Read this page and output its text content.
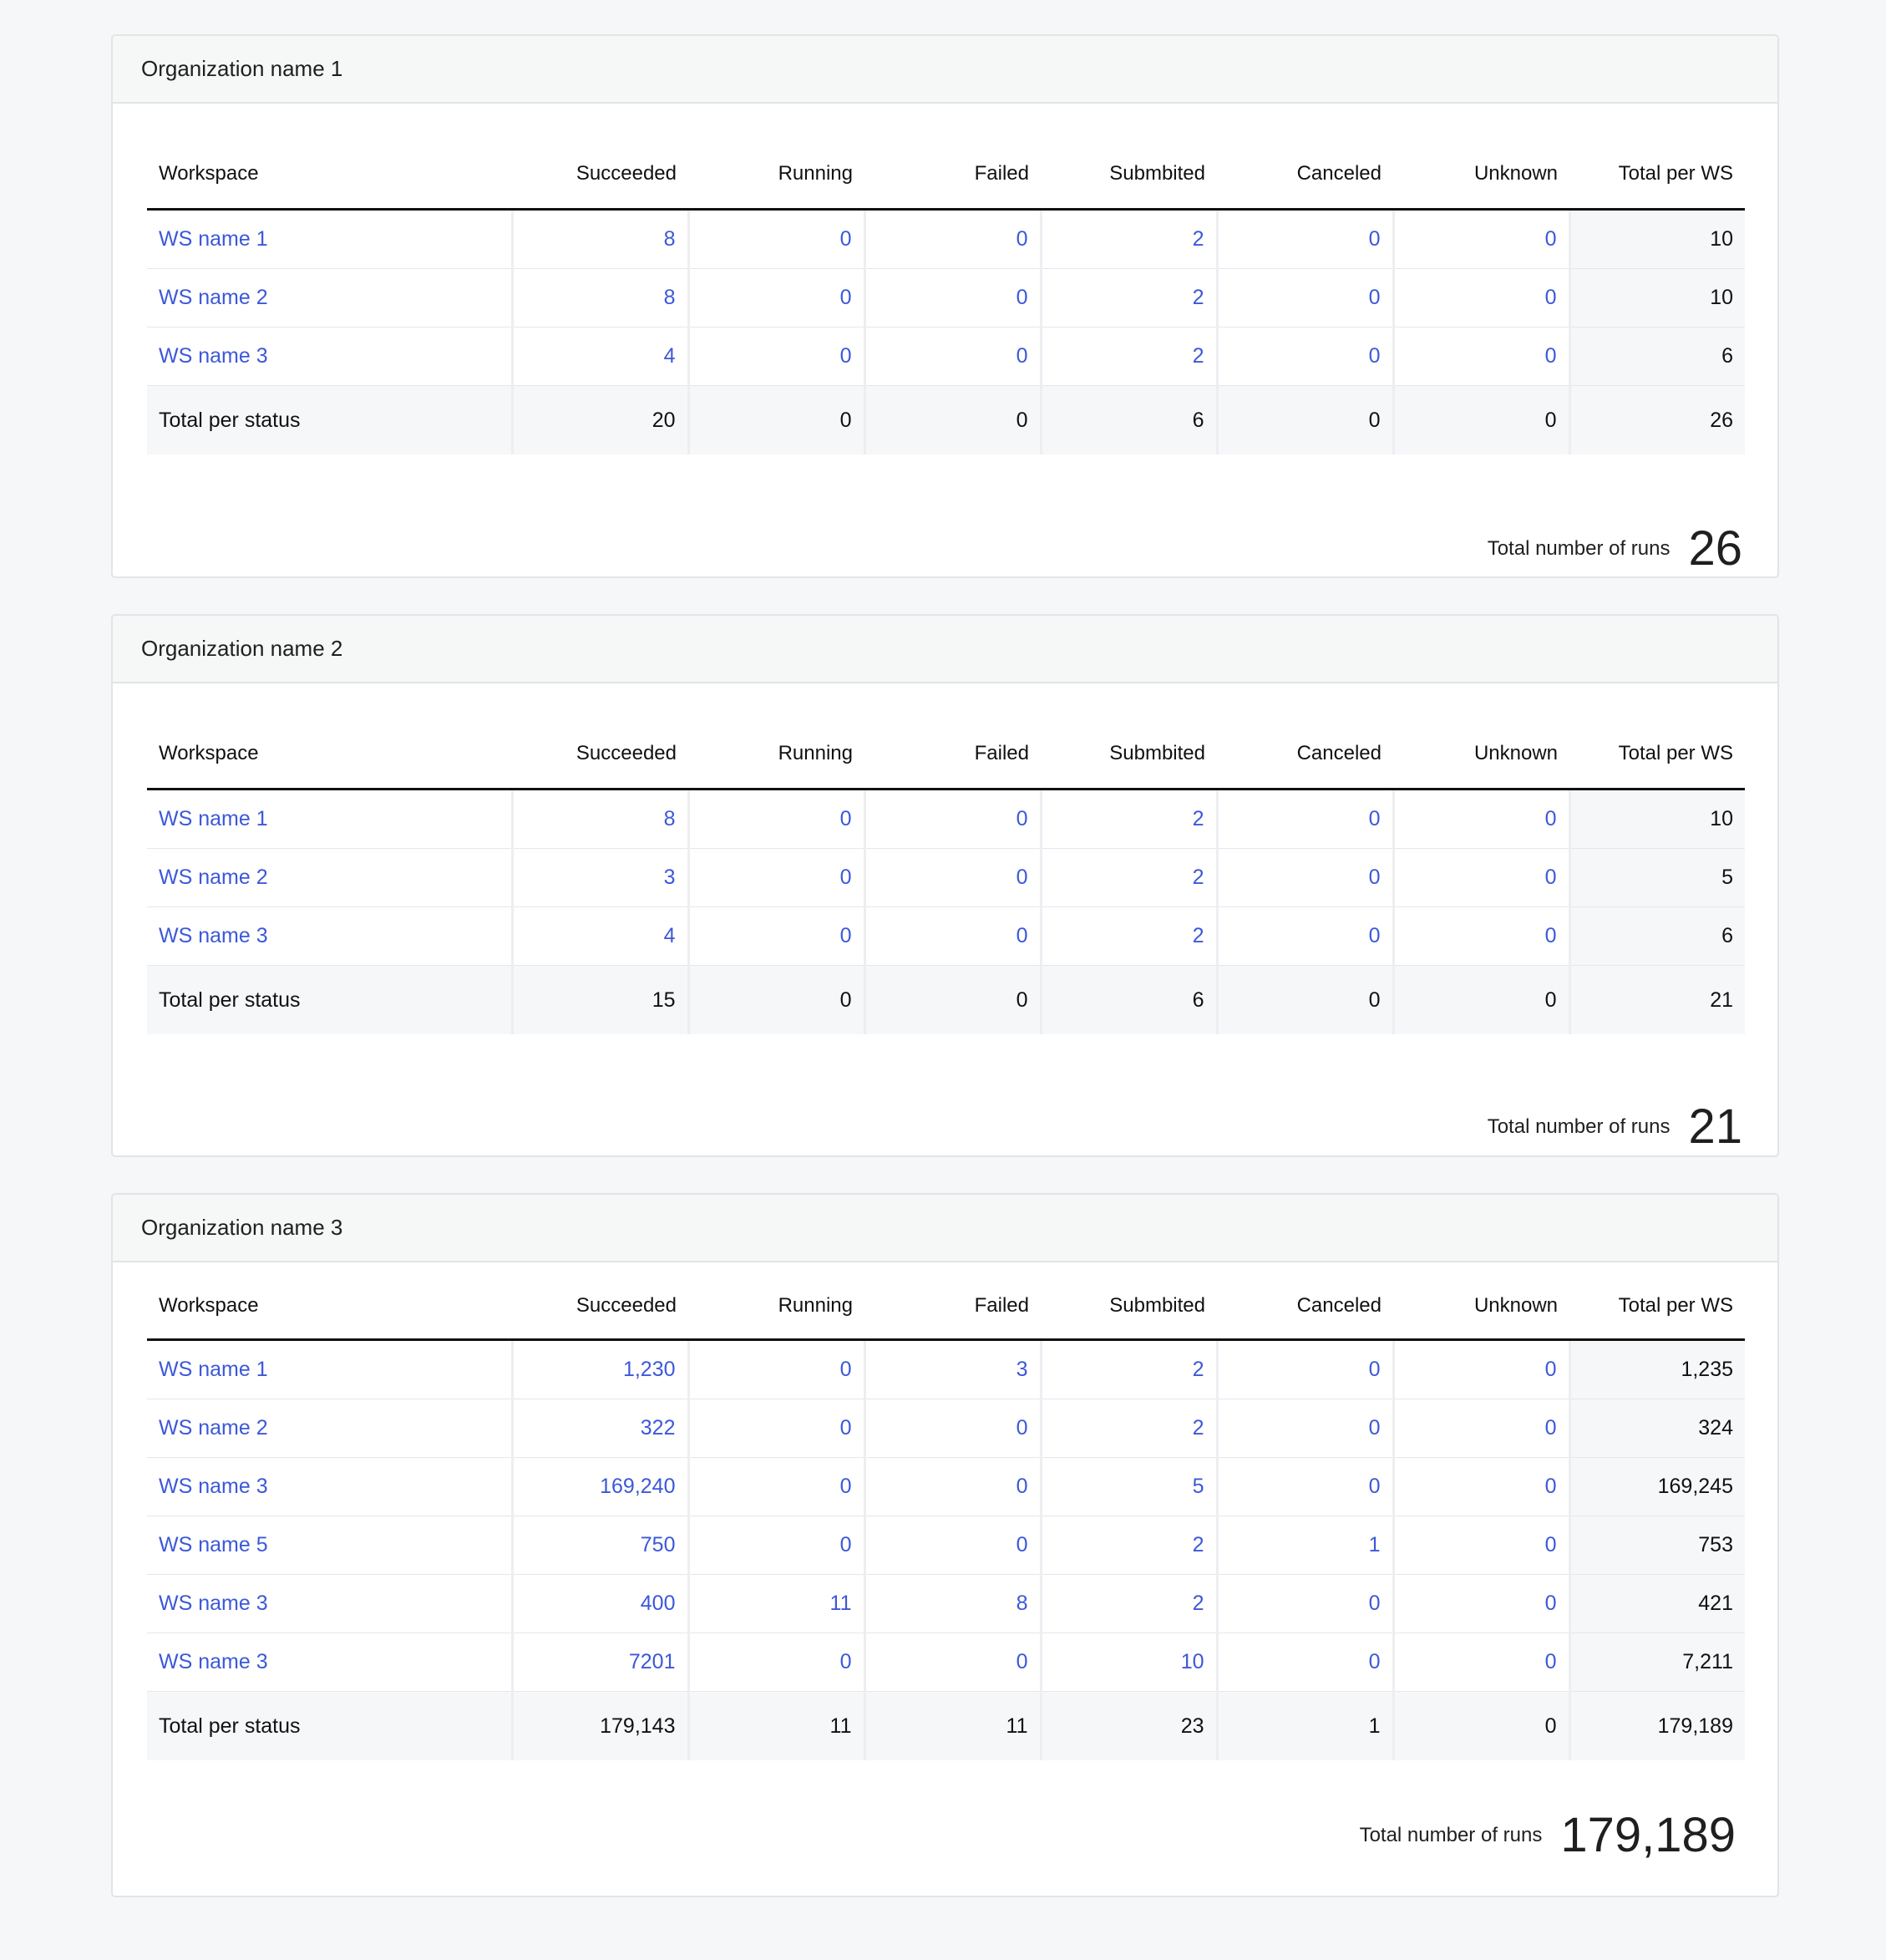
Organization name 1
Workspace	Succeeded	Running	Failed	Submbited	Canceled	Unknown	Total per WS
WS name 1	8	0	0	2	0	0	10
WS name 2	8	0	0	2	0	0	10
WS name 3	4	0	0	2	0	0	6
Total per status	20	0	0	6	0	0	26
Total number of runs 26
Organization name 2
Workspace	Succeeded	Running	Failed	Submbited	Canceled	Unknown	Total per WS
WS name 1	8	0	0	2	0	0	10
WS name 2	3	0	0	2	0	0	5
WS name 3	4	0	0	2	0	0	6
Total per status	15	0	0	6	0	0	21
Total number of runs 21
Organization name 3
Workspace	Succeeded	Running	Failed	Submbited	Canceled	Unknown	Total per WS
WS name 1	1,230	0	3	2	0	0	1,235
WS name 2	322	0	0	2	0	0	324
WS name 3	169,240	0	0	5	0	0	169,245
WS name 5	750	0	0	2	1	0	753
WS name 3	400	11	8	2	0	0	421
WS name 3	7201	0	0	10	0	0	7,211
Total per status	179,143	11	11	23	1	0	179,189
Total number of runs 179,189
